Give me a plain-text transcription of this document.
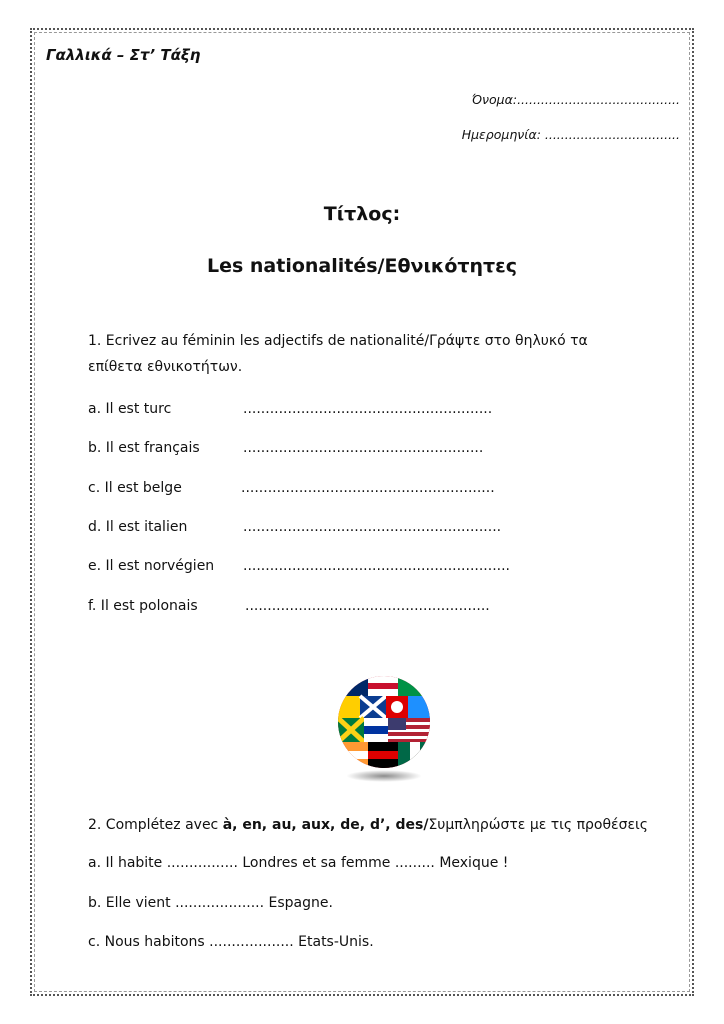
Γαλλικά – Στ’ Τάξη
Όνομα:.........................................
Ημερομηνία: ..................................
Τίτλος:
Les nationalités/Εθνικότητες
1. Ecrivez au féminin les adjectifs de nationalité/Γράψτε στο θηλυκό τα
επίθετα εθνικοτήτων.
a. Il est turc	........................................................
b. Il est français	......................................................
c. Il est belge	.........................................................
d. Il est italien	..........................................................
e. Il est norvégien ............................................................
f. Il est polonais	.......................................................
2. Complétez avec à, en, au, aux, de, d’, des/Συμπληρώστε με τις προθέσεις
a. Il habite ................ Londres et sa femme ......... Mexique !
b. Elle vient .................... Espagne.
c. Nous habitons ................... Etats-Unis.
